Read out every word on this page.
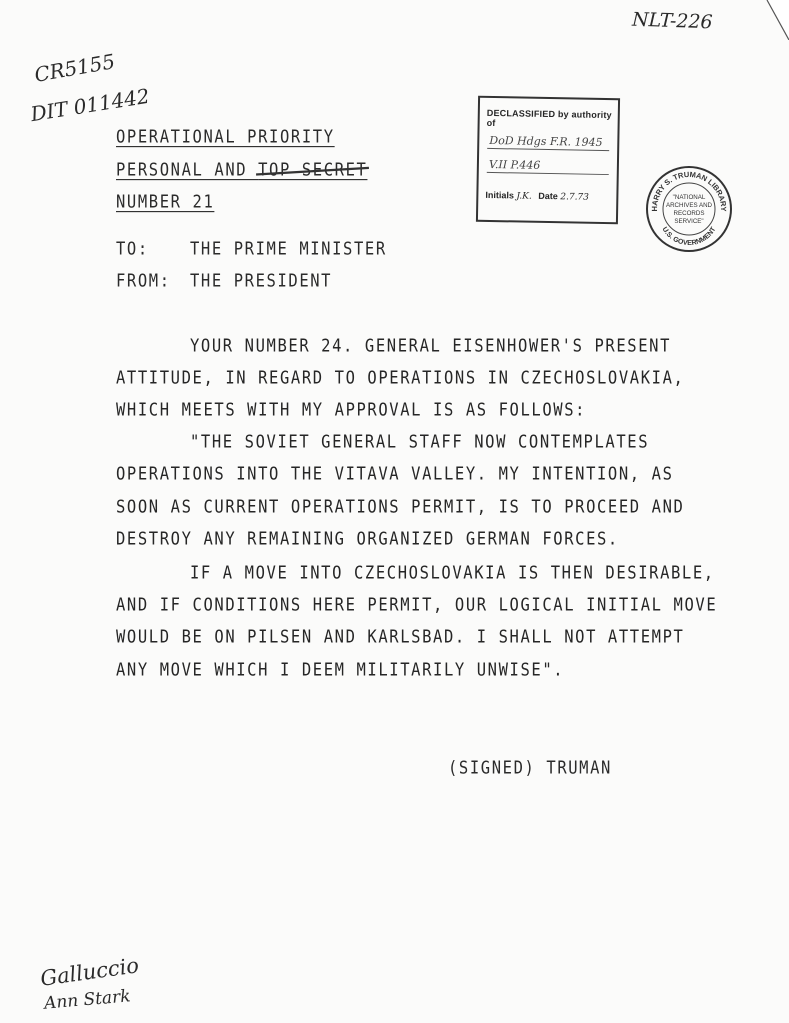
NLT-226
CR5155
DIT 011442
OPERATIONAL PRIORITY
PERSONAL AND TOP SECRET
NUMBER 21
DECLASSIFIED by authority of
DoD Hdgs F.R. 1945
V.II P.446
Initials J.K. Date 2.7.73
HARRY S. TRUMAN LIBRARY
U.S. GOVERNMENT
"NATIONAL
ARCHIVES AND
RECORDS
SERVICE"
TO:	THE PRIME MINISTER
FROM: THE PRESIDENT
YOUR NUMBER 24. GENERAL EISENHOWER'S PRESENT
ATTITUDE, IN REGARD TO OPERATIONS IN CZECHOSLOVAKIA,
WHICH MEETS WITH MY APPROVAL IS AS FOLLOWS:
"THE SOVIET GENERAL STAFF NOW CONTEMPLATES
OPERATIONS INTO THE VITAVA VALLEY. MY INTENTION, AS
SOON AS CURRENT OPERATIONS PERMIT, IS TO PROCEED AND
DESTROY ANY REMAINING ORGANIZED GERMAN FORCES.
IF A MOVE INTO CZECHOSLOVAKIA IS THEN DESIRABLE,
AND IF CONDITIONS HERE PERMIT, OUR LOGICAL INITIAL MOVE
WOULD BE ON PILSEN AND KARLSBAD. I SHALL NOT ATTEMPT
ANY MOVE WHICH I DEEM MILITARILY UNWISE".
(SIGNED) TRUMAN
Galluccio
Ann Stark
